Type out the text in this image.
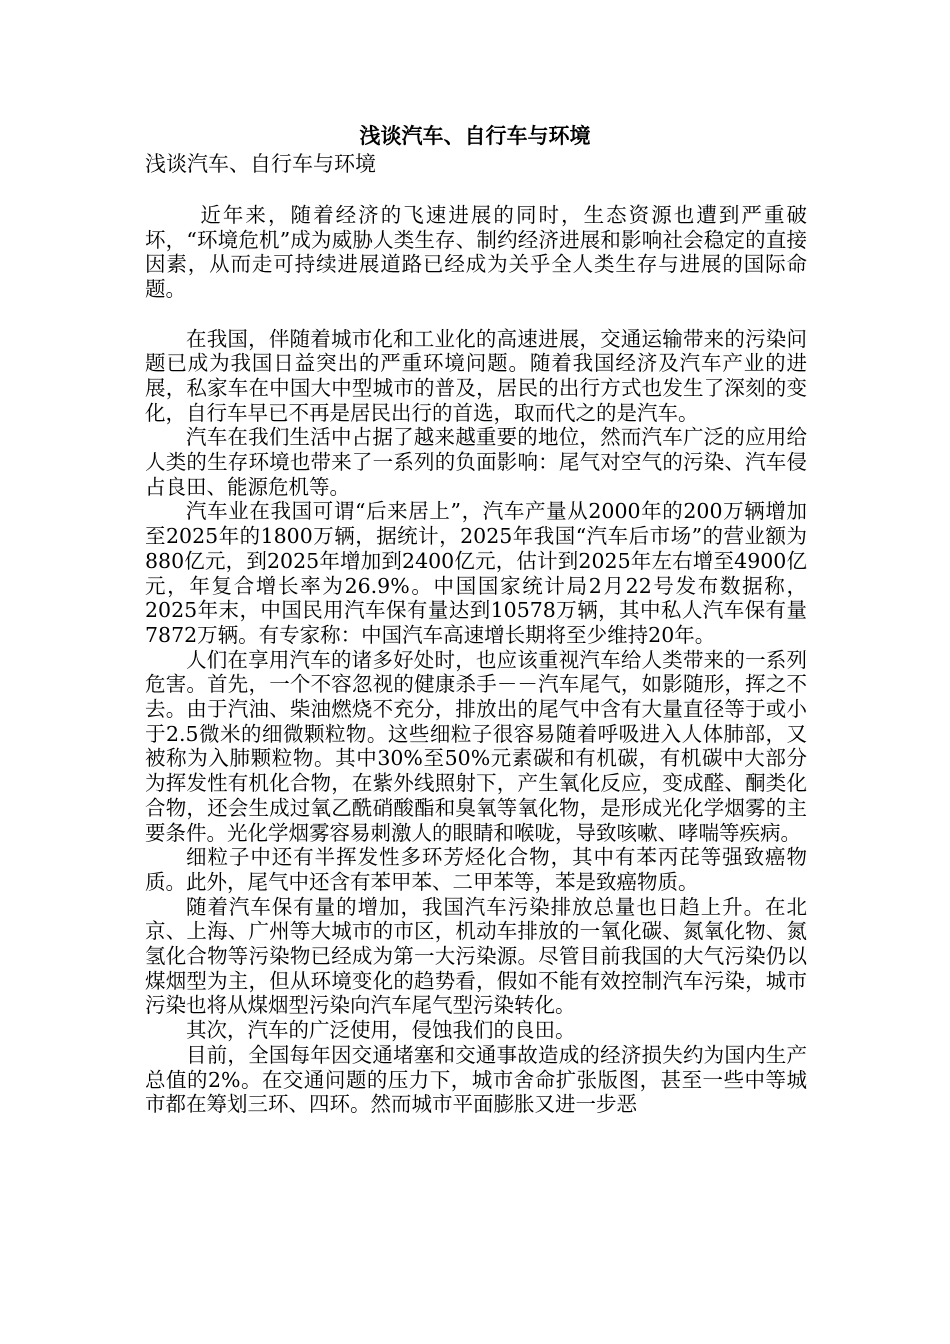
浅谈汽车、自行车与环境
浅谈汽车、自行车与环境

近年来，随着经济的飞速进展的同时，生态资源也遭到严重破坏，“环境危机”成为威胁人类生存、制约经济进展和影响社会稳定的直接因素，从而走可持续进展道路已经成为关乎全人类生存与进展的国际命题。

在我国，伴随着城市化和工业化的高速进展，交通运输带来的污染问题已成为我国日益突出的严重环境问题。随着我国经济及汽车产业的进展，私家车在中国大中型城市的普及，居民的出行方式也发生了深刻的变化，自行车早已不再是居民出行的首选，取而代之的是汽车。

汽车在我们生活中占据了越来越重要的地位，然而汽车广泛的应用给人类的生存环境也带来了一系列的负面影响：尾气对空气的污染、汽车侵占良田、能源危机等。

汽车业在我国可谓“后来居上”，汽车产量从2000年的200万辆增加至2025年的1800万辆，据统计，2025年我国“汽车后市场”的营业额为880亿元，到2025年增加到2400亿元，估计到2025年左右增至4900亿元，年复合增长率为26.9%。中国国家统计局2月22号发布数据称，2025年末，中国民用汽车保有量达到10578万辆，其中私人汽车保有量7872万辆。有专家称：中国汽车高速增长期将至少维持20年。

人们在享用汽车的诸多好处时，也应该重视汽车给人类带来的一系列危害。首先，一个不容忽视的健康杀手－－汽车尾气，如影随形，挥之不去。由于汽油、柴油燃烧不充分，排放出的尾气中含有大量直径等于或小于2.5微米的细微颗粒物。这些细粒子很容易随着呼吸进入人体肺部，又被称为入肺颗粒物。其中30%至50%元素碳和有机碳，有机碳中大部分为挥发性有机化合物，在紫外线照射下，产生氧化反应，变成醛、酮类化合物，还会生成过氧乙酰硝酸酯和臭氧等氧化物，是形成光化学烟雾的主要条件。光化学烟雾容易刺激人的眼睛和喉咙，导致咳嗽、哮喘等疾病。

细粒子中还有半挥发性多环芳烃化合物，其中有苯丙芘等强致癌物质。此外，尾气中还含有苯甲苯、二甲苯等，苯是致癌物质。

随着汽车保有量的增加，我国汽车污染排放总量也日趋上升。在北京、上海、广州等大城市的市区，机动车排放的一氧化碳、氮氧化物、氮氢化合物等污染物已经成为第一大污染源。尽管目前我国的大气污染仍以煤烟型为主，但从环境变化的趋势看，假如不能有效控制汽车污染，城市污染也将从煤烟型污染向汽车尾气型污染转化。

其次，汽车的广泛使用，侵蚀我们的良田。

目前，全国每年因交通堵塞和交通事故造成的经济损失约为国内生产总值的2%。在交通问题的压力下，城市舍命扩张版图，甚至一些中等城市都在筹划三环、四环。然而城市平面膨胀又进一步恶
